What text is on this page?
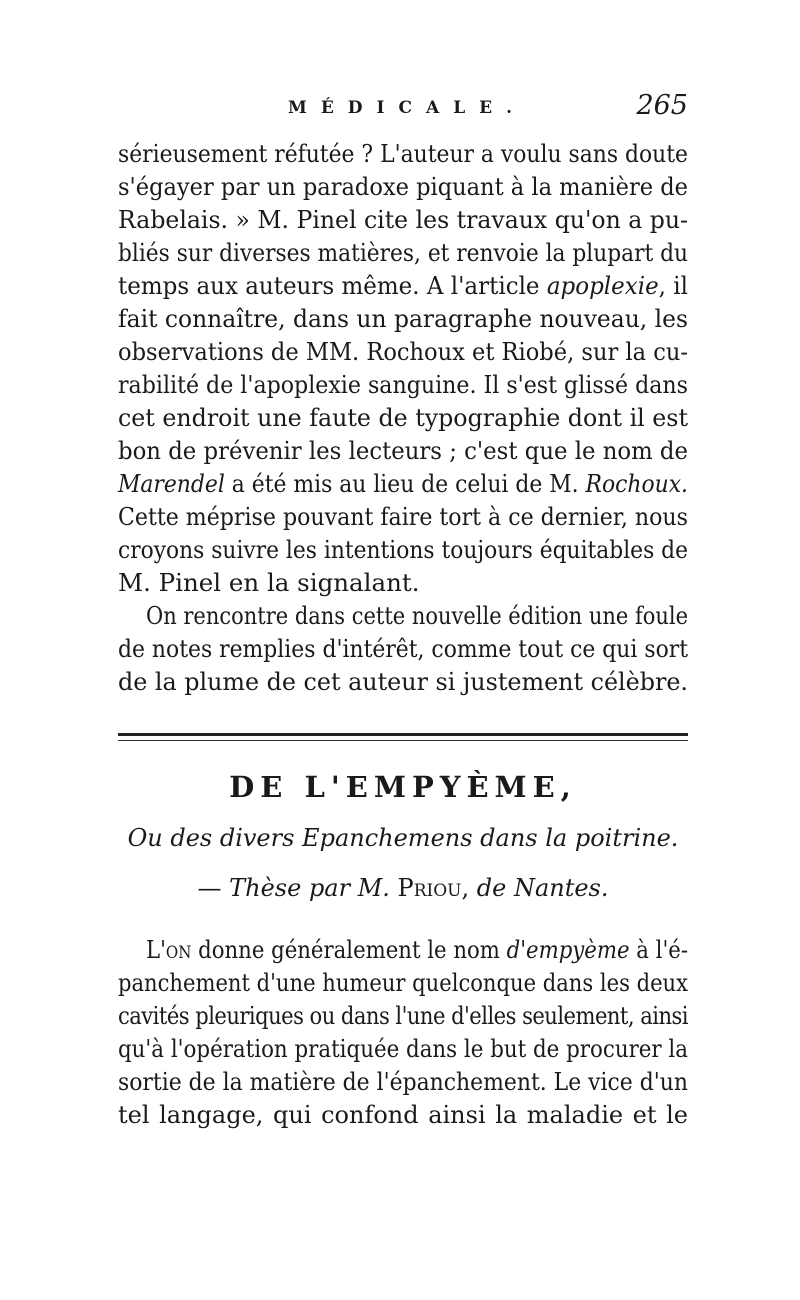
MÉDICALE.	265
sérieusement réfutée ? L'auteur a voulu sans doute
s'égayer par un paradoxe piquant à la manière de
Rabelais. » M. Pinel cite les travaux qu'on a pu-
bliés sur diverses matières, et renvoie la plupart du
temps aux auteurs même. A l'article apoplexie, il
fait connaître, dans un paragraphe nouveau, les
observations de MM. Rochoux et Riobé, sur la cu-
rabilité de l'apoplexie sanguine. Il s'est glissé dans
cet endroit une faute de typographie dont il est
bon de prévenir les lecteurs ; c'est que le nom de
Marendel a été mis au lieu de celui de M. Rochoux.
Cette méprise pouvant faire tort à ce dernier, nous
croyons suivre les intentions toujours équitables de
M. Pinel en la signalant.
On rencontre dans cette nouvelle édition une foule
de notes remplies d'intérêt, comme tout ce qui sort
de la plume de cet auteur si justement célèbre.
DE L'EMPYÈME,
Ou des divers Epanchemens dans la poitrine.
— Thèse par M. Priou, de Nantes.
L'on donne généralement le nom d'empyème à l'é-
panchement d'une humeur quelconque dans les deux
cavités pleuriques ou dans l'une d'elles seulement, ainsi
qu'à l'opération pratiquée dans le but de procurer la
sortie de la matière de l'épanchement. Le vice d'un
tel langage, qui confond ainsi la maladie et le
